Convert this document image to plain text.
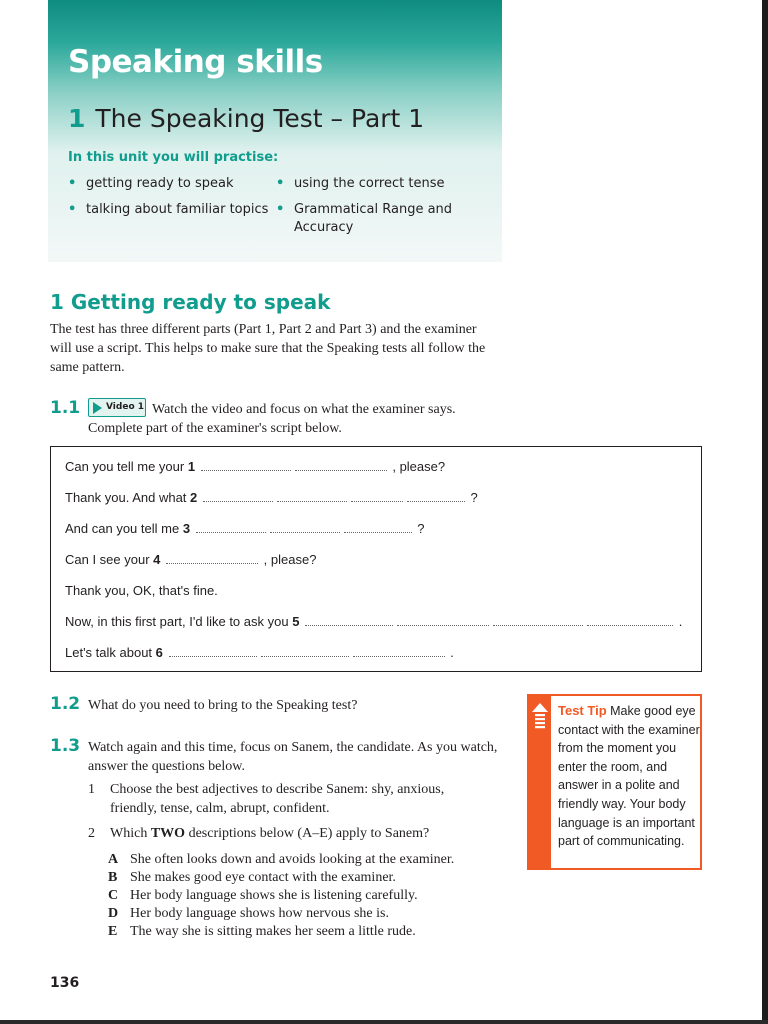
Speaking skills
1 The Speaking Test – Part 1
In this unit you will practise:
• getting ready to speak
• talking about familiar topics
• using the correct tense
• Grammatical Range and Accuracy
1 Getting ready to speak
The test has three different parts (Part 1, Part 2 and Part 3) and the examiner will use a script. This helps to make sure that the Speaking tests all follow the same pattern.
1.1	Video 1 Watch the video and focus on what the examiner says. Complete part of the examiner's script below.
Can you tell me your 1	, please?
Thank you. And what 2	?
And can you tell me 3	?
Can I see your 4	, please?
Thank you, OK, that's fine.
Now, in this first part, I'd like to ask you 5	.
Let's talk about 6	.
1.2 What do you need to bring to the Speaking test?
1.3 Watch again and this time, focus on Sanem, the candidate. As you watch, answer the questions below.
1	Choose the best adjectives to describe Sanem: shy, anxious, friendly, tense, calm, abrupt, confident.
2	Which TWO descriptions below (A–E) apply to Sanem?
A She often looks down and avoids looking at the examiner.
B She makes good eye contact with the examiner.
C Her body language shows she is listening carefully.
D Her body language shows how nervous she is.
E The way she is sitting makes her seem a little rude.
Test Tip Make good eye contact with the examiner from the moment you enter the room, and answer in a polite and friendly way. Your body language is an important part of communicating.
136
